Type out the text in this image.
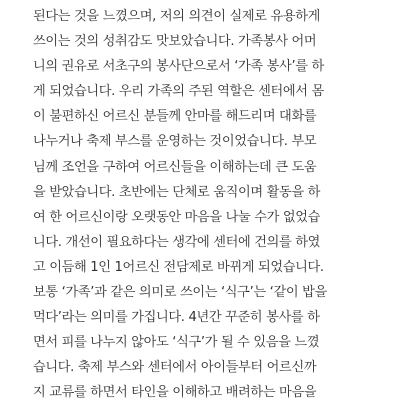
된다는 것을 느꼈으며, 저의 의견이 실제로 유용하게
쓰이는 것의 성취감도 맛보았습니다. 가족봉사 어머
니의 권유로 서초구의 봉사단으로서 ‘가족 봉사’를 하
게 되었습니다. 우리 가족의 주된 역할은 센터에서 몸
이 불편하신 어르신 분들께 안마를 해드리며 대화를
나누거나 축제 부스를 운영하는 것이었습니다. 부모
님께 조언을 구하여 어르신들을 이해하는데 큰 도움
을 받았습니다. 초반에는 단체로 움직이며 활동을 하
여 한 어르신이랑 오랫동안 마음을 나눌 수가 없었습
니다. 개선이 필요하다는 생각에 센터에 건의를 하였
고 이듬해 1인 1어르신 전담제로 바뀌게 되었습니다.
보통 ‘가족’과 같은 의미로 쓰이는 ‘식구’는 ‘같이 밥을
먹다’라는 의미를 가집니다. 4년간 꾸준히 봉사를 하
면서 피를 나누지 않아도 ‘식구’가 될 수 있음을 느꼈
습니다. 축제 부스와 센터에서 아이들부터 어르신까
지 교류를 하면서 타인을 이해하고 배려하는 마음을
